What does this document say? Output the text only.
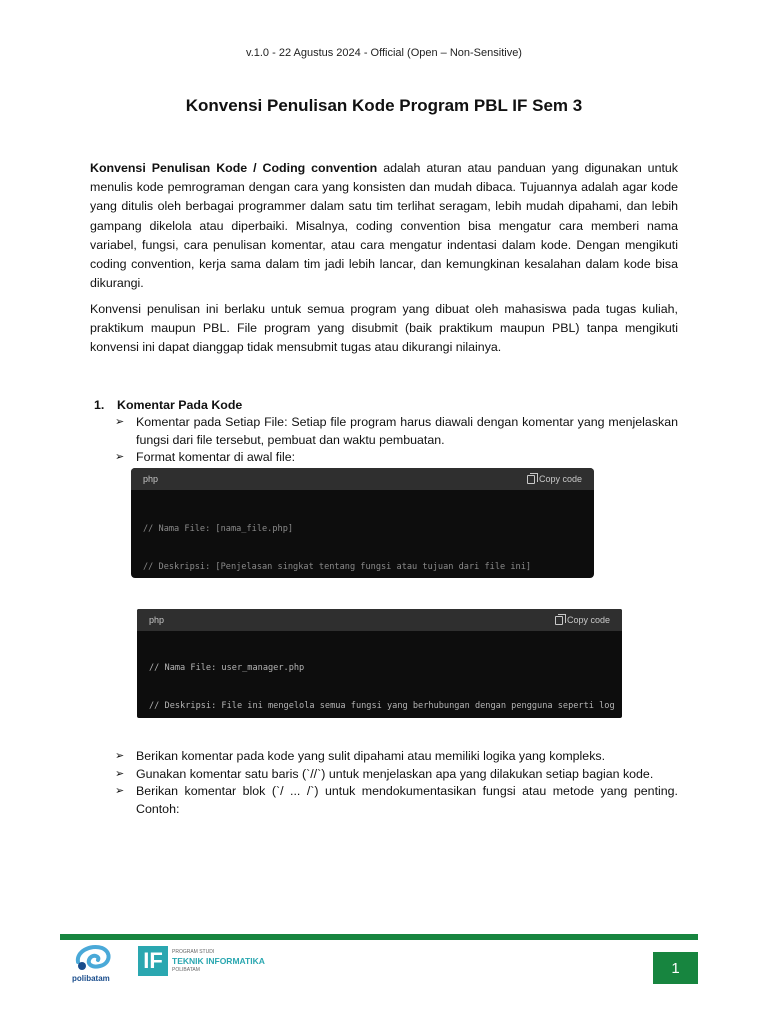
v.1.0 - 22 Agustus 2024 - Official (Open – Non-Sensitive)
Konvensi Penulisan Kode Program PBL IF Sem 3

Konvensi Penulisan Kode / Coding convention adalah aturan atau panduan yang digunakan untuk menulis kode pemrograman dengan cara yang konsisten dan mudah dibaca. Tujuannya adalah agar kode yang ditulis oleh berbagai programmer dalam satu tim terlihat seragam, lebih mudah dipahami, dan lebih gampang dikelola atau diperbaiki. Misalnya, coding convention bisa mengatur cara memberi nama variabel, fungsi, cara penulisan komentar, atau cara mengatur indentasi dalam kode. Dengan mengikuti coding convention, kerja sama dalam tim jadi lebih lancar, dan kemungkinan kesalahan dalam kode bisa dikurangi.

Konvensi penulisan ini berlaku untuk semua program yang dibuat oleh mahasiswa pada tugas kuliah, praktikum maupun PBL. File program yang disubmit (baik praktikum maupun PBL) tanpa mengikuti konvensi ini dapat dianggap tidak mensubmit tugas atau dikurangi nilainya.

1. Komentar Pada Kode
➢ Komentar pada Setiap File: Setiap file program harus diawali dengan komentar yang menjelaskan fungsi dari file tersebut, pembuat dan waktu pembuatan.
➢ Format komentar di awal file:
php	Copy code

// Nama File: [nama_file.php]

// Deskripsi: [Penjelasan singkat tentang fungsi atau tujuan dari file ini]

php	Copy code

// Nama File: user_manager.php

// Deskripsi: File ini mengelola semua fungsi yang berhubungan dengan pengguna seperti log

➢ Berikan komentar pada kode yang sulit dipahami atau memiliki logika yang kompleks.
➢ Gunakan komentar satu baris (`//`) untuk menjelaskan apa yang dilakukan setiap bagian kode.
➢ Berikan komentar blok (`/ ... /`) untuk mendokumentasikan fungsi atau metode yang penting. Contoh:
polibatam
IF	PROGRAM STUDI
TEKNIK INFORMATIKA
POLIBATAM	1
